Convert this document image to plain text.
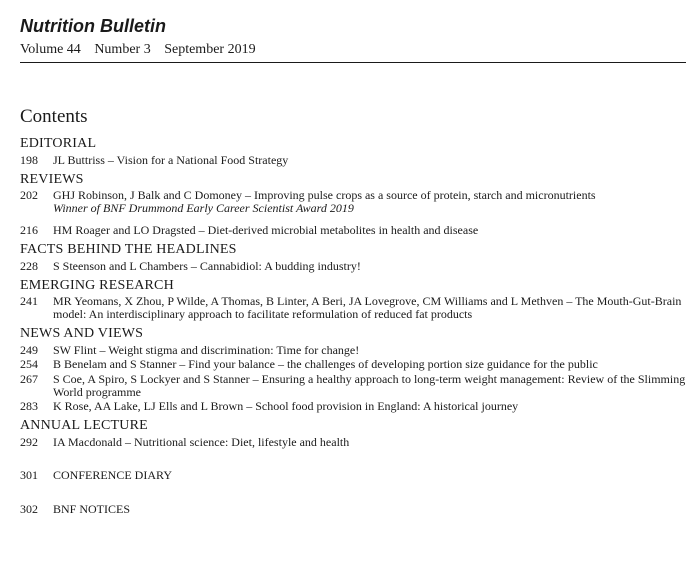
Nutrition Bulletin
Volume 44 Number 3 September 2019
Contents
EDITORIAL
198	JL Buttriss – Vision for a National Food Strategy
REVIEWS
202	GHJ Robinson, J Balk and C Domoney – Improving pulse crops as a source of protein, starch and micronutrients
Winner of BNF Drummond Early Career Scientist Award 2019
216	HM Roager and LO Dragsted – Diet-derived microbial metabolites in health and disease
FACTS BEHIND THE HEADLINES
228	S Steenson and L Chambers – Cannabidiol: A budding industry!
EMERGING RESEARCH
241	MR Yeomans, X Zhou, P Wilde, A Thomas, B Linter, A Beri, JA Lovegrove, CM Williams and L Methven – The Mouth-Gut-Brain model: An interdisciplinary approach to facilitate reformulation of reduced fat products
NEWS AND VIEWS
249	SW Flint – Weight stigma and discrimination: Time for change!
254	B Benelam and S Stanner – Find your balance – the challenges of developing portion size guidance for the public
267	S Coe, A Spiro, S Lockyer and S Stanner – Ensuring a healthy approach to long-term weight management: Review of the Slimming World programme
283	K Rose, AA Lake, LJ Ells and L Brown – School food provision in England: A historical journey
ANNUAL LECTURE
292	IA Macdonald – Nutritional science: Diet, lifestyle and health
301	CONFERENCE DIARY
302	BNF NOTICES
